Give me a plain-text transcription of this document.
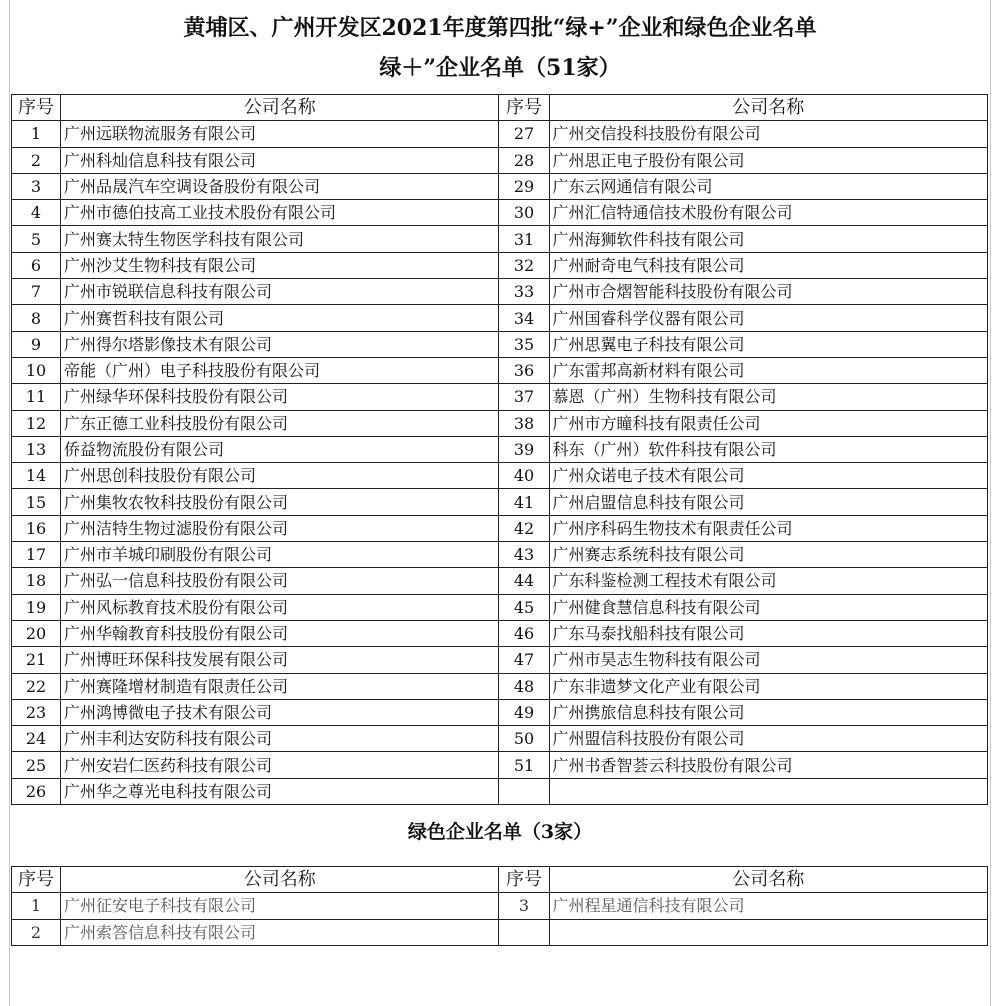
黄埔区、广州开发区2021年度第四批“绿+”企业和绿色企业名单
绿＋”企业名单（51家）
绿色企业名单（3家）
序号	公司名称	序号	公司名称
1	广州远联物流服务有限公司	27	广州交信投科技股份有限公司
2	广州科灿信息科技有限公司	28	广州思正电子股份有限公司
3	广州品晟汽车空调设备股份有限公司	29	广东云网通信有限公司
4	广州市德伯技高工业技术股份有限公司	30	广州汇信特通信技术股份有限公司
5	广州赛太特生物医学科技有限公司	31	广州海狮软件科技有限公司
6	广州沙艾生物科技有限公司	32	广州耐奇电气科技有限公司
7	广州市锐联信息科技有限公司	33	广州市合熠智能科技股份有限公司
8	广州赛哲科技有限公司	34	广州国睿科学仪器有限公司
9	广州得尔塔影像技术有限公司	35	广州思翼电子科技有限公司
10	帝能（广州）电子科技股份有限公司	36	广东雷邦高新材料有限公司
11	广州绿华环保科技股份有限公司	37	慕恩（广州）生物科技有限公司
12	广东正德工业科技股份有限公司	38	广州市方瞳科技有限责任公司
13	侨益物流股份有限公司	39	科东（广州）软件科技有限公司
14	广州思创科技股份有限公司	40	广州众诺电子技术有限公司
15	广州集牧农牧科技股份有限公司	41	广州启盟信息科技有限公司
16	广州洁特生物过滤股份有限公司	42	广州序科码生物技术有限责任公司
17	广州市羊城印刷股份有限公司	43	广州赛志系统科技有限公司
18	广州弘一信息科技股份有限公司	44	广东科鉴检测工程技术有限公司
19	广州风标教育技术股份有限公司	45	广州健食慧信息科技有限公司
20	广州华翰教育科技股份有限公司	46	广东马泰找船科技有限公司
21	广州博旺环保科技发展有限公司	47	广州市昊志生物科技有限公司
22	广州赛隆增材制造有限责任公司	48	广东非遗梦文化产业有限公司
23	广州鸿博微电子技术有限公司	49	广州携旅信息科技有限公司
24	广州丰利达安防科技有限公司	50	广州盟信科技股份有限公司
25	广州安岩仁医药科技有限公司	51	广州书香智荟云科技股份有限公司
26	广州华之尊光电科技有限公司		
序号	公司名称	序号	公司名称
1	广州征安电子科技有限公司	3	广州程星通信科技有限公司
2	广州索答信息科技有限公司		
